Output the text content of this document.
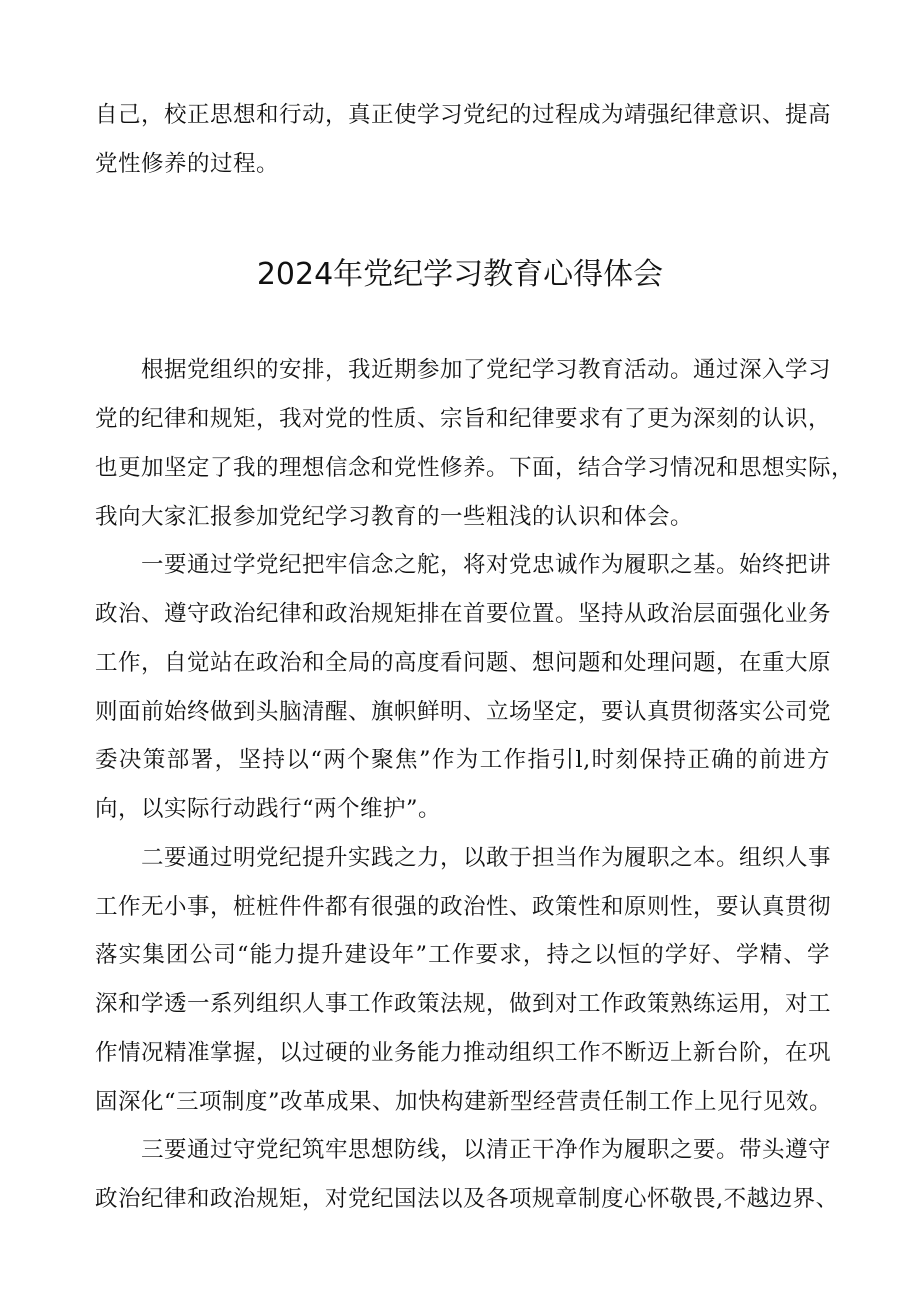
自己，校正思想和行动，真正使学习党纪的过程成为靖强纪律意识、提高
党性修养的过程。
2024年党纪学习教育心得体会
根据党组织的安排，我近期参加了党纪学习教育活动。通过深入学习
党的纪律和规矩，我对党的性质、宗旨和纪律要求有了更为深刻的认识，
也更加坚定了我的理想信念和党性修养。下面，结合学习情况和思想实际，
我向大家汇报参加党纪学习教育的一些粗浅的认识和体会。
一要通过学党纪把牢信念之舵，将对党忠诚作为履职之基。始终把讲
政治、遵守政治纪律和政治规矩排在首要位置。坚持从政治层面强化业务
工作，自觉站在政治和全局的高度看问题、想问题和处理问题，在重大原
则面前始终做到头脑清醒、旗帜鲜明、立场坚定，要认真贯彻落实公司党
委决策部署，坚持以“两个聚焦”作为工作指引l,时刻保持正确的前进方
向，以实际行动践行“两个维护”。
二要通过明党纪提升实践之力，以敢于担当作为履职之本。组织人事
工作无小事，桩桩件件都有很强的政治性、政策性和原则性，要认真贯彻
落实集团公司“能力提升建设年”工作要求，持之以恒的学好、学精、学
深和学透一系列组织人事工作政策法规，做到对工作政策熟练运用，对工
作情况精准掌握，以过硬的业务能力推动组织工作不断迈上新台阶，在巩
固深化“三项制度”改革成果、加快构建新型经营责任制工作上见行见效。
三要通过守党纪筑牢思想防线，以清正干净作为履职之要。带头遵守
政治纪律和政治规矩，对党纪国法以及各项规章制度心怀敬畏,不越边界、
